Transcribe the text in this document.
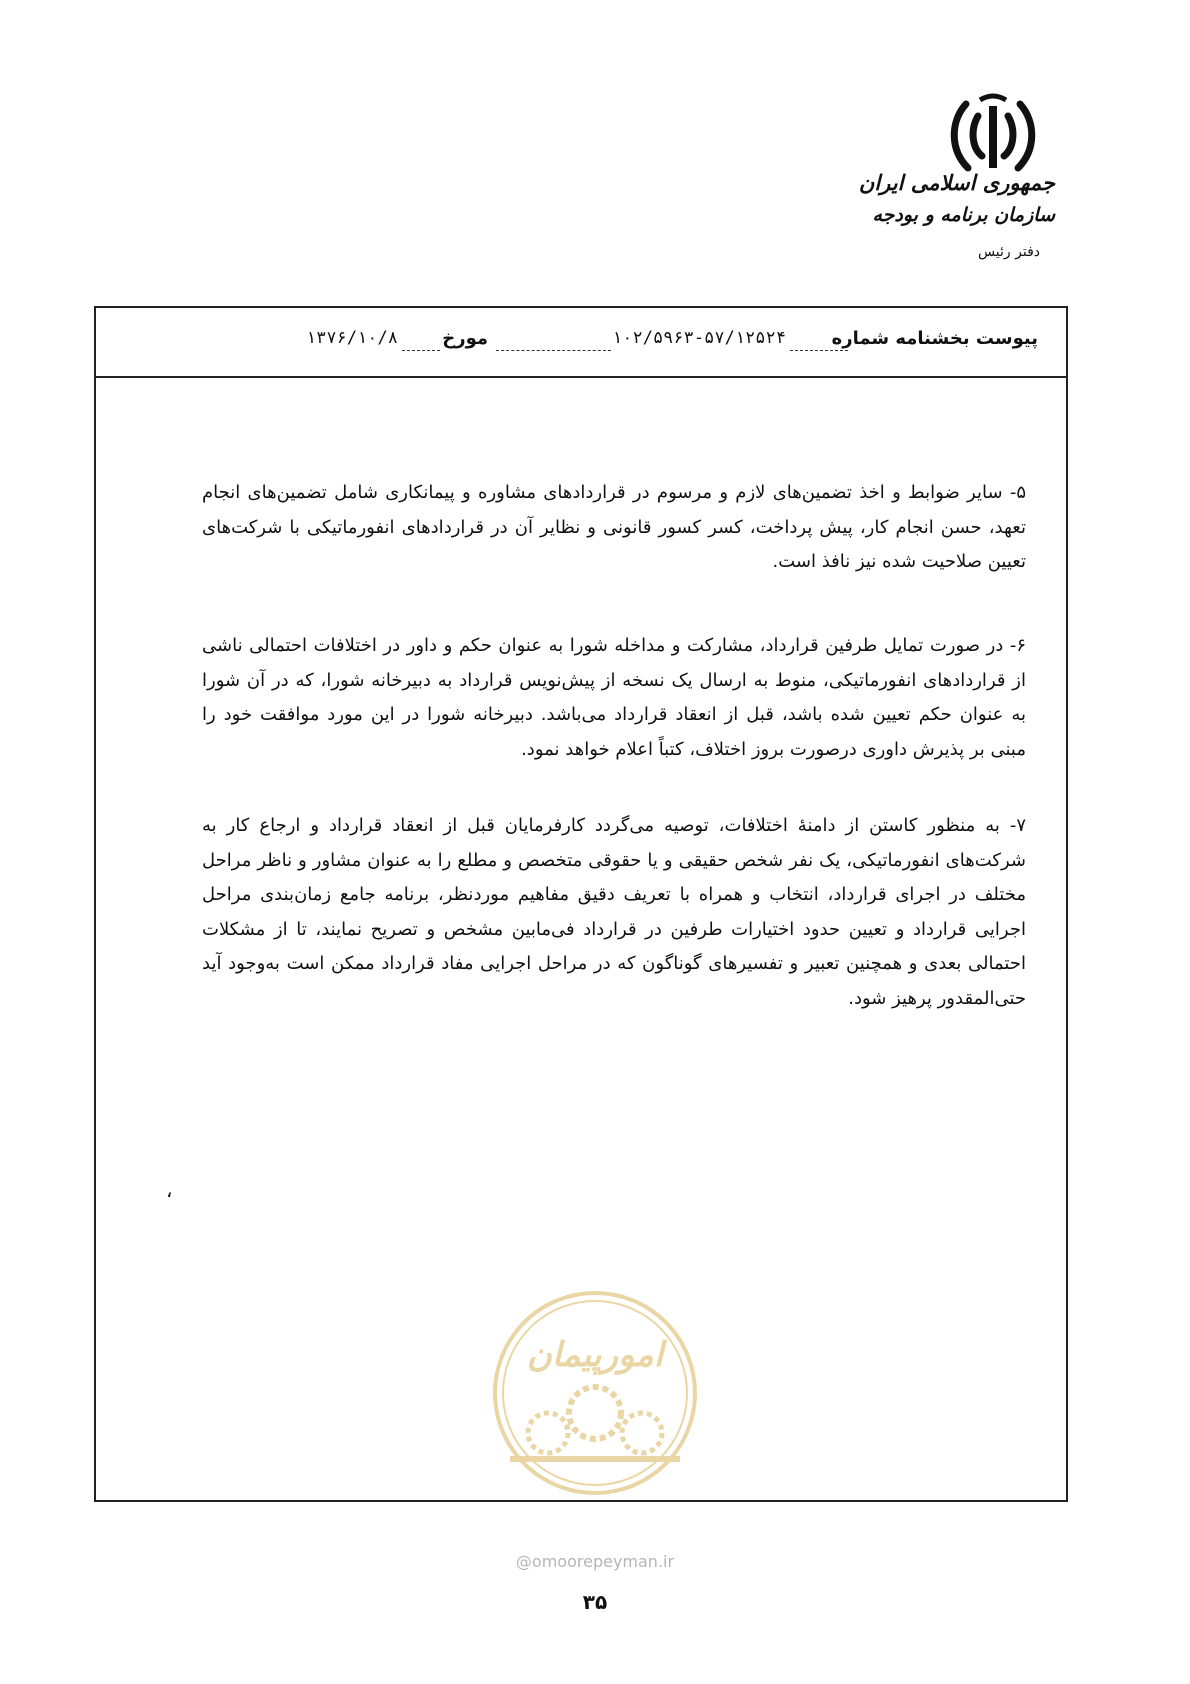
جمهوری اسلامی ایران
سازمان برنامه و بودجه
دفتر رئیس
پیوست بخشنامه شماره
۱۰۲/۵۹۶۳-۵۷/۱۲۵۲۴
مورخ
۱۳۷۶/۱۰/۸

۵- سایر ضوابط و اخذ تضمین‌های لازم و مرسوم در قراردادهای مشاوره و پیمانکاری شامل تضمین‌های انجام تعهد، حسن انجام کار، پیش پرداخت، کسر کسور قانونی و نظایر آن در قراردادهای انفورماتیکی با شرکت‌های تعیین صلاحیت شده نیز نافذ است.

۶- در صورت تمایل طرفین قرارداد، مشارکت و مداخله شورا به عنوان حکم و داور در اختلافات احتمالی ناشی از قراردادهای انفورماتیکی، منوط به ارسال یک نسخه از پیش‌نویس قرارداد به دبیرخانه شورا، که در آن شورا به عنوان حکم تعیین شده باشد، قبل از انعقاد قرارداد می‌باشد. دبیرخانه شورا در این مورد موافقت خود را مبنی بر پذیرش داوری درصورت بروز اختلاف، کتباً اعلام خواهد نمود.

۷- به منظور کاستن از دامنهٔ اختلافات، توصیه می‌گردد کارفرمایان قبل از انعقاد قرارداد و ارجاع کار به شرکت‌های انفورماتیکی، یک نفر شخص حقیقی و یا حقوقی متخصص و مطلع را به عنوان مشاور و ناظر مراحل مختلف در اجرای قرارداد، انتخاب و همراه با تعریف دقیق مفاهیم موردنظر، برنامه جامع زمان‌بندی مراحل اجرایی قرارداد و تعیین حدود اختیارات طرفین در قرارداد فی‌مابین مشخص و تصریح نمایند، تا از مشکلات احتمالی بعدی و همچنین تعبیر و تفسیرهای گوناگون که در مراحل اجرایی مفاد قرارداد ممکن است به‌وجود آید حتی‌المقدور پرهیز شود.

،
امورپیمان
@omoorepeyman.ir
۳۵
